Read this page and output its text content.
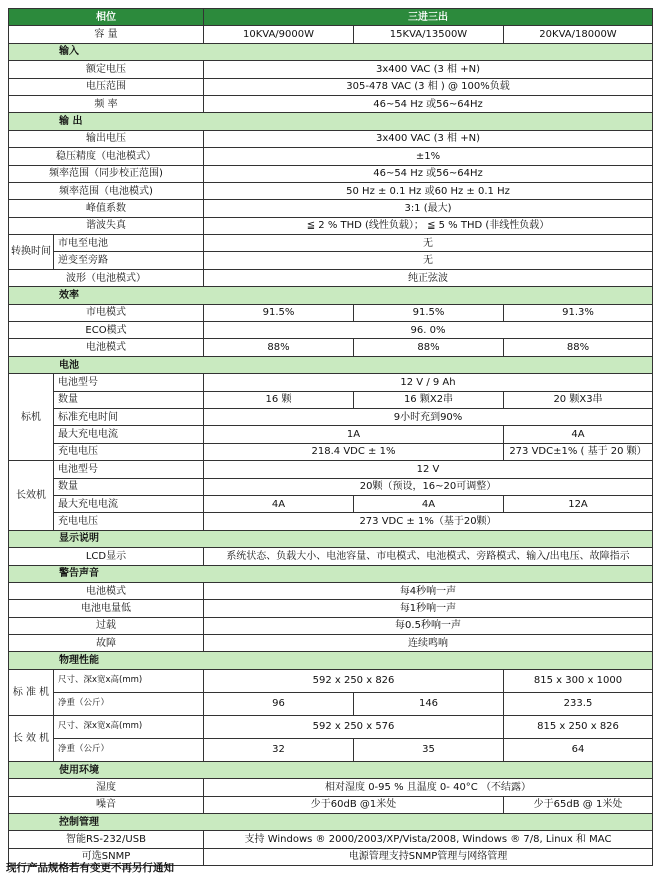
相位		三进三出		
容 量		10KVA/9000W	15KVA/13500W	20KVA/18000W
输入				
额定电压		3x400 VAC (3 相 +N)		
电压范围		305-478 VAC (3 相 ) @ 100%负载		
频 率		46~54 Hz 或56~64Hz		
输 出				
输出电压		3x400 VAC (3 相 +N)		
稳压精度（电池模式）		±1%		
频率范围（同步校正范围)		46~54 Hz 或56~64Hz		
频率范围（电池模式)		50 Hz ± 0.1 Hz 或60 Hz ± 0.1 Hz		
峰值系数		3:1 (最大)		
谐波失真		≦ 2 % THD (线性负载）； ≦ 5 % THD (非线性负载）		
转换时间	市电至电池	无		
	逆变至旁路	无		
波形（电池模式）		纯正弦波		
效率				
市电模式		91.5%	91.5%	91.3%
ECO模式		96. 0%		
电池模式		88%	88%	88%
电池				
标机	电池型号	12 V / 9 Ah		
	数量	16 颗	16 颗X2串	20 颗X3串
	标准充电时间	9小时充到90%		
	最大充电电流	1A		4A
	充电电压	218.4 VDC ± 1%		273 VDC±1% ( 基于 20 颗）
长效机	电池型号	12 V		
	数量	20颗（预设，16~20可调整）		
	最大充电电流	4A	4A	12A
	充电电压	273 VDC ± 1%（基于20颗）		
显示说明				
LCD显示		系统状态、负载大小、电池容量、市电模式、电池模式、旁路模式、输入/出电压、故障指示		
警告声音				
电池模式		每4秒响一声		
电池电量低		每1秒响一声		
过载		每0.5秒响一声		
故障		连续鸣响		
物理性能				
标 准 机	尺寸、深x宽x高(mm)	592 x 250 x 826		815 x 300 x 1000
	净重（公斤）	96	146	233.5
长 效 机	尺寸、深x宽x高(mm)	592 x 250 x 576		815 x 250 x 826
	净重（公斤）	32	35	64
使用环境				
湿度		相对湿度 0-95 % 且温度 0- 40°C （不结露）		
噪音		少于60dB @1米处		少于65dB @ 1米处
控制管理				
智能RS-232/USB		支持 Windows ® 2000/2003/XP/Vista/2008, Windows ® 7/8, Linux 和 MAC		
可选SNMP		电源管理支持SNMP管理与网络管理		
现行产品规格若有变更不再另行通知
